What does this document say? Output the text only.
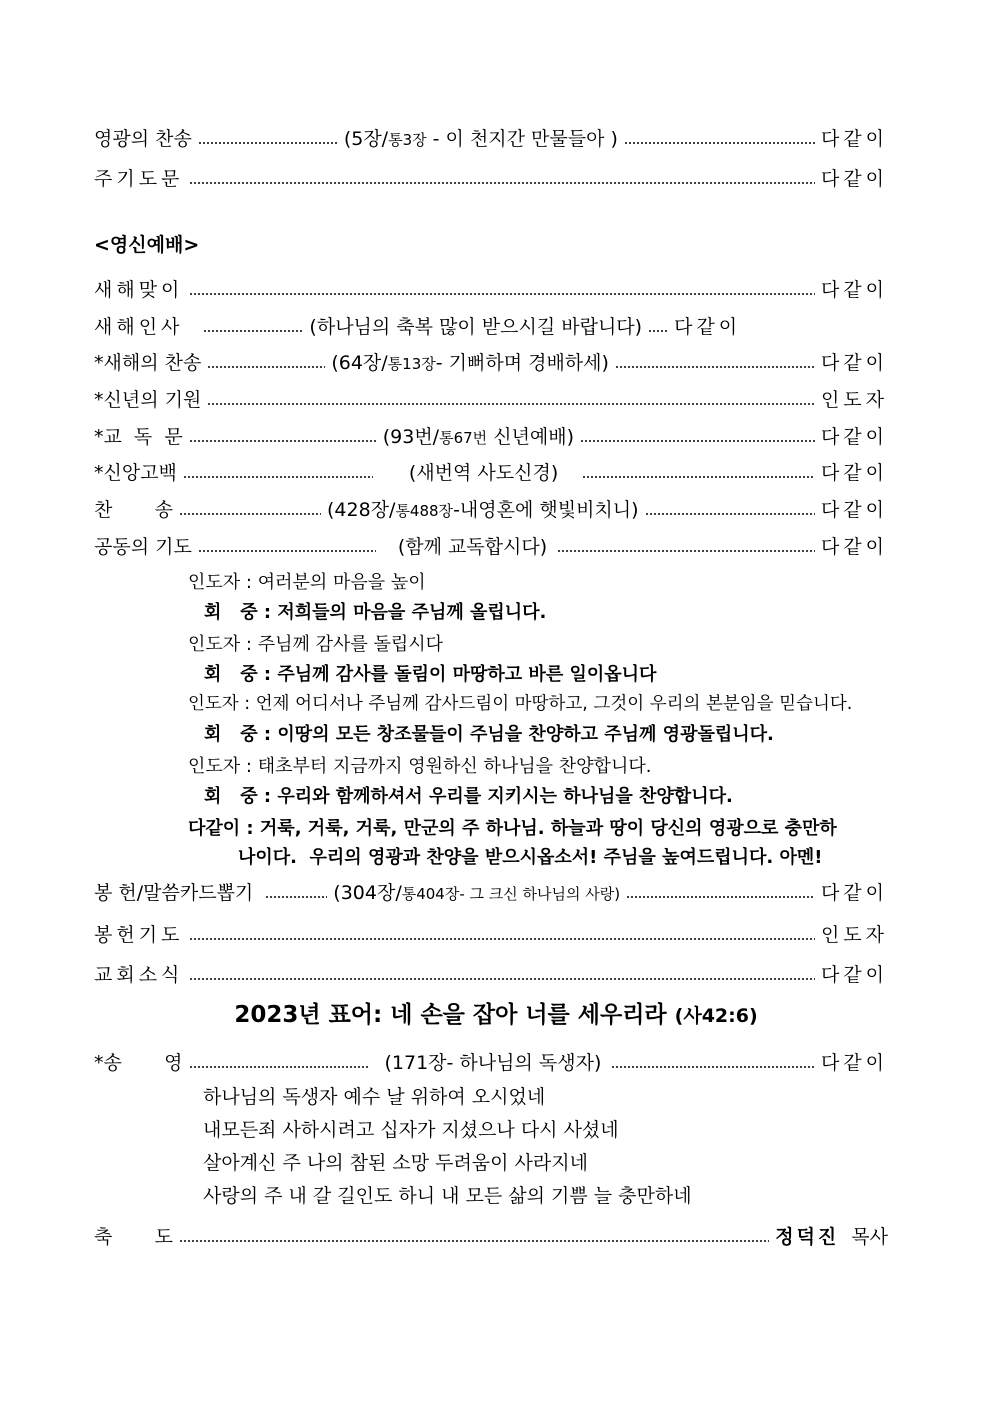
영광의 찬송	(5장/통3장 - 이 천지간 만물들아 )	다같이
주기도문	다같이
<영신예배>
새해맞이	다같이
새해인사	(하나님의 축복 많이 받으시길 바랍니다) 다같이
*새해의 찬송	(64장/통13장- 기뻐하며 경배하세)	다같이
*신년의 기원	인도자
*교  독  문	(93번/통67번 신년예배)	다같이
*신앙고백	(새번역 사도신경)	다같이
찬       송	(428장/통488장-내영혼에 햇빛비치니)	다같이
공동의 기도	(함께 교독합시다)	다같이
인도자 : 여러분의 마음을 높이
회   중 : 저희들의 마음을 주님께 올립니다.
인도자 : 주님께 감사를 돌립시다
회   중 : 주님께 감사를 돌림이 마땅하고 바른 일이옵니다
인도자 : 언제 어디서나 주님께 감사드림이 마땅하고, 그것이 우리의 본분임을 믿습니다.
회   중 : 이땅의 모든 창조물들이 주님을 찬양하고 주님께 영광돌립니다.
인도자 : 태초부터 지금까지 영원하신 하나님을 찬양합니다.
회   중 : 우리와 함께하셔서 우리를 지키시는 하나님을 찬양합니다.
다같이 : 거룩, 거룩, 거룩, 만군의 주 하나님. 하늘과 땅이 당신의 영광으로 충만하
나이다.  우리의 영광과 찬양을 받으시옵소서! 주님을 높여드립니다. 아멘!
봉 헌/말씀카드뽑기	(304장/통404장- 그 크신 하나님의 사랑)	다같이
봉헌기도	인도자
교회소식	다같이
2023년 표어: 네 손을 잡아 너를 세우리라 (사42:6)
*송       영	(171장- 하나님의 독생자)	다같이
하나님의 독생자 예수 날 위하여 오시었네
내모든죄 사하시려고 십자가 지셨으나 다시 사셨네
살아계신 주 나의 참된 소망 두려움이 사라지네
사랑의 주 내 갈 길인도 하니 내 모든 삶의 기쁨 늘 충만하네
축       도	정덕진 목사
